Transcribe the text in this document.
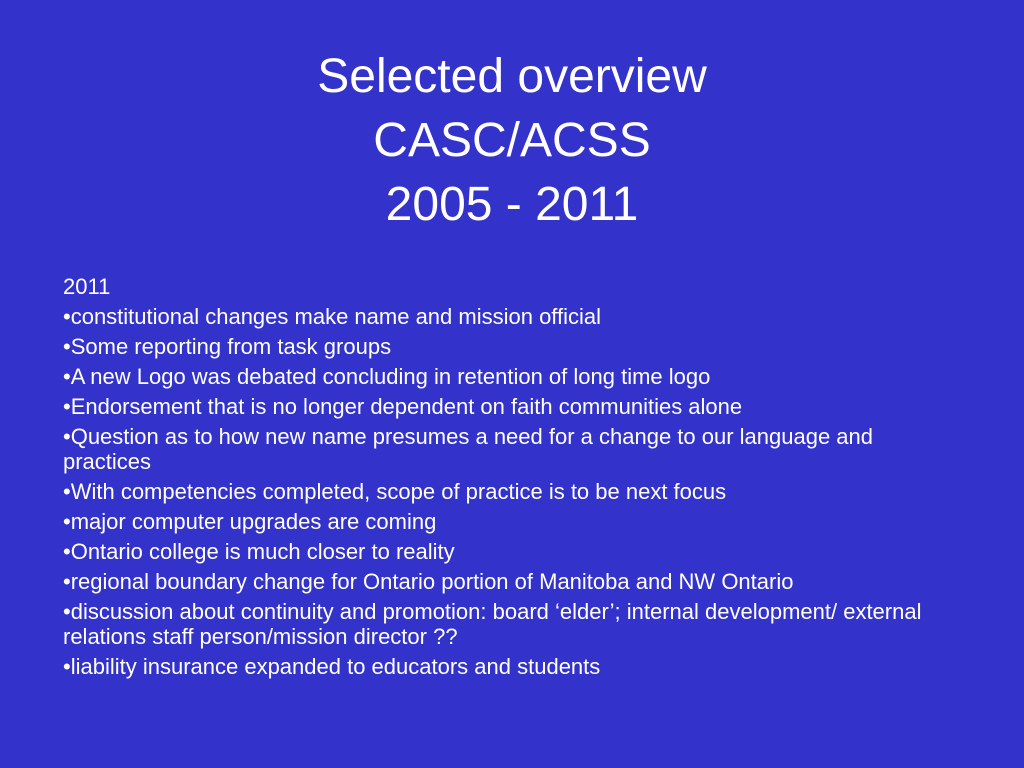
Selected overview
CASC/ACSS
2005 - 2011
2011
•constitutional changes make name and mission official
•Some reporting from task groups
•A new Logo was debated concluding in retention of long time logo
•Endorsement that is no longer dependent on faith communities alone
•Question as to how new name presumes a need for a change to our language and practices
•With competencies completed, scope of practice is to be next focus
•major computer upgrades are coming
•Ontario college is much closer to reality
•regional boundary change for Ontario portion of Manitoba and NW Ontario
•discussion about continuity and promotion: board ‘elder’; internal development/ external relations staff person/mission director ??
•liability insurance expanded to educators and students
